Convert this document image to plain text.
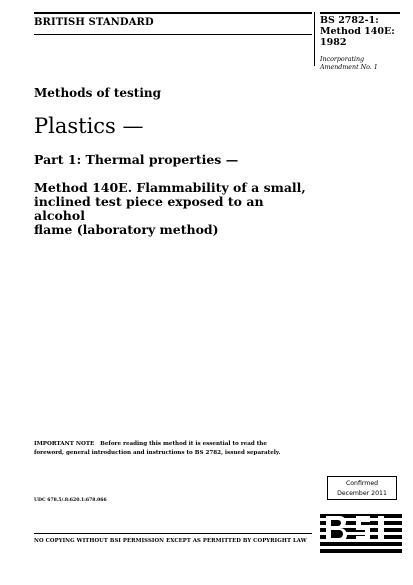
BRITISH STANDARD	BS 2782-1:
Method 140E:
1982
Incorporating
Amendment No. 1
Methods of testing
Plastics —
Part 1: Thermal properties —
Method 140E. Flammability of a small,
inclined test piece exposed to an alcohol
flame (laboratory method)
IMPORTANT NOTE Before reading this method it is essential to read the
foreword, general introduction and instructions to BS 2782, issued separately.
Confirmed
December 2011
UDC 678.5/.8:620.1:678.066
NO COPYING WITHOUT BSI PERMISSION EXCEPT AS PERMITTED BY COPYRIGHT LAW
